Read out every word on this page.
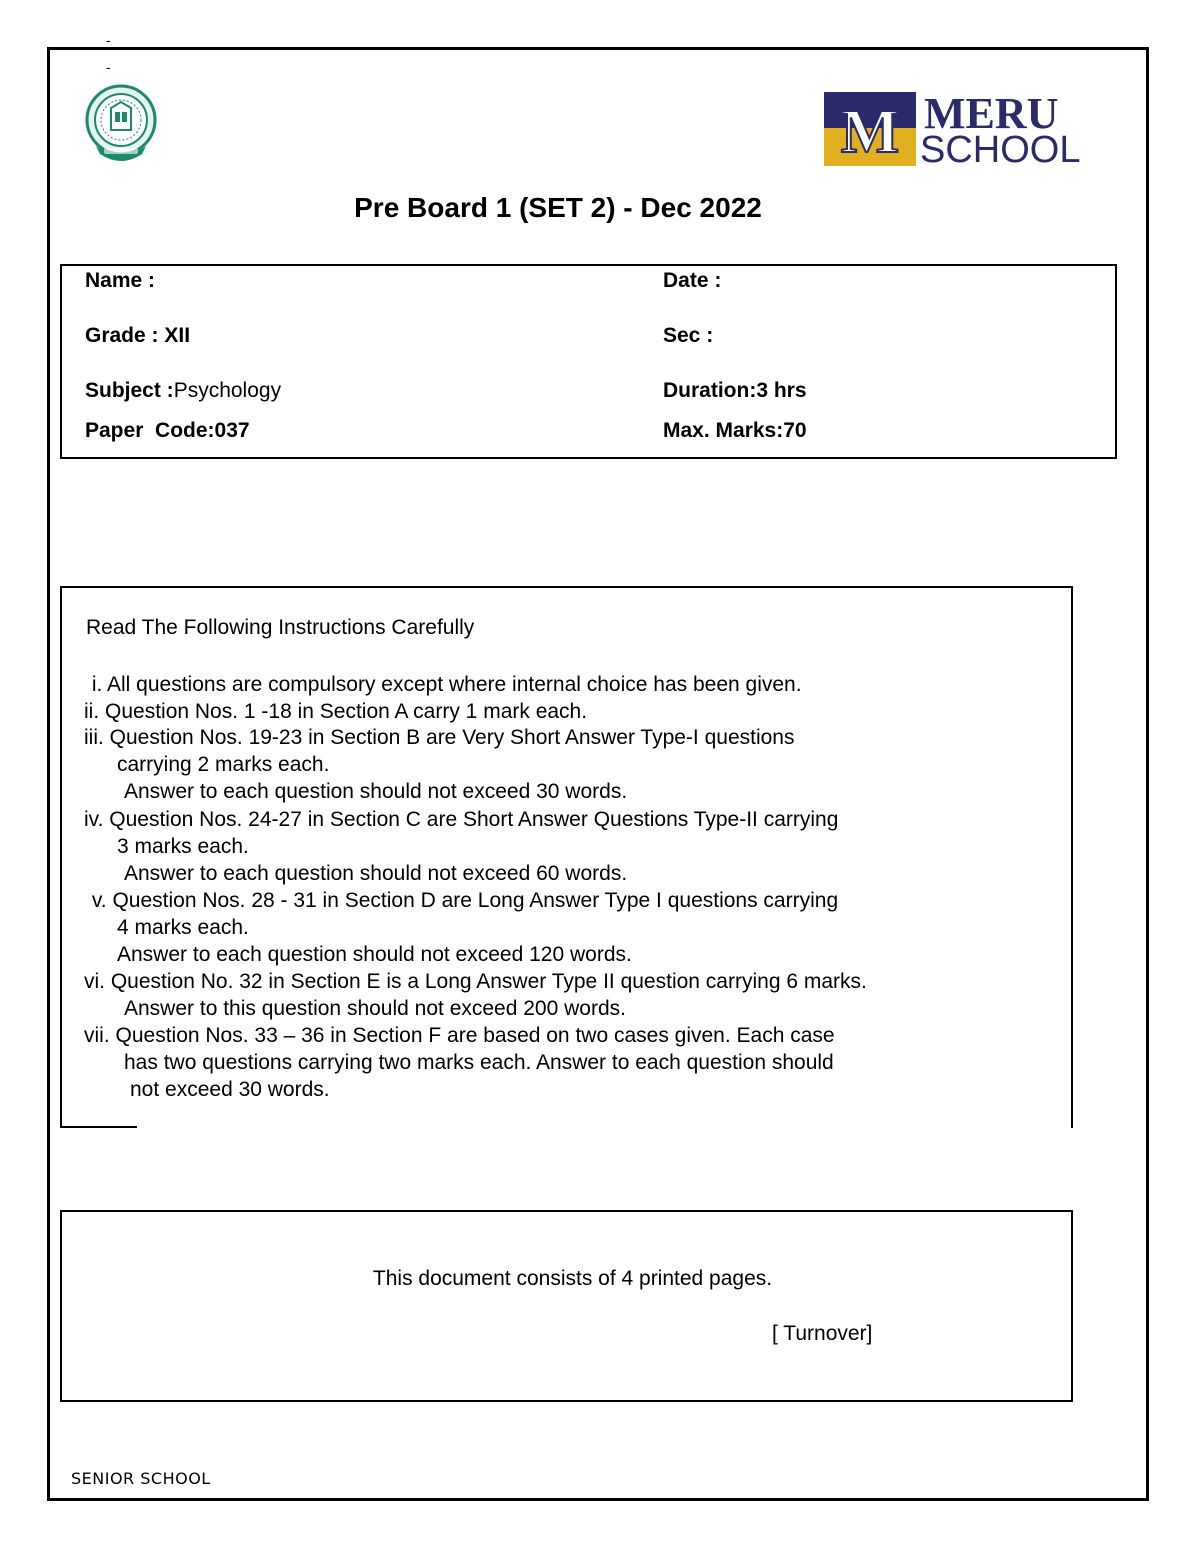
-
-
M MERU
SCHOOL
Pre Board 1 (SET 2) - Dec 2022
Name :	Date :
Grade : XII	Sec :
Subject :Psychology	Duration:3 hrs
Paper  Code:037	Max. Marks:70
Read The Following Instructions Carefully
i. All questions are compulsory except where internal choice has been given.
ii. Question Nos. 1 -18 in Section A carry 1 mark each.
iii. Question Nos. 19-23 in Section B are Very Short Answer Type-I questions
carrying 2 marks each.
Answer to each question should not exceed 30 words.
iv. Question Nos. 24-27 in Section C are Short Answer Questions Type-II carrying
3 marks each.
Answer to each question should not exceed 60 words.
v. Question Nos. 28 - 31 in Section D are Long Answer Type I questions carrying
4 marks each.
Answer to each question should not exceed 120 words.
vi. Question No. 32 in Section E is a Long Answer Type II question carrying 6 marks.
Answer to this question should not exceed 200 words.
vii. Question Nos. 33 – 36 in Section F are based on two cases given. Each case
has two questions carrying two marks each. Answer to each question should
not exceed 30 words.
This document consists of 4 printed pages.
[ Turnover]
SENIOR SCHOOL
